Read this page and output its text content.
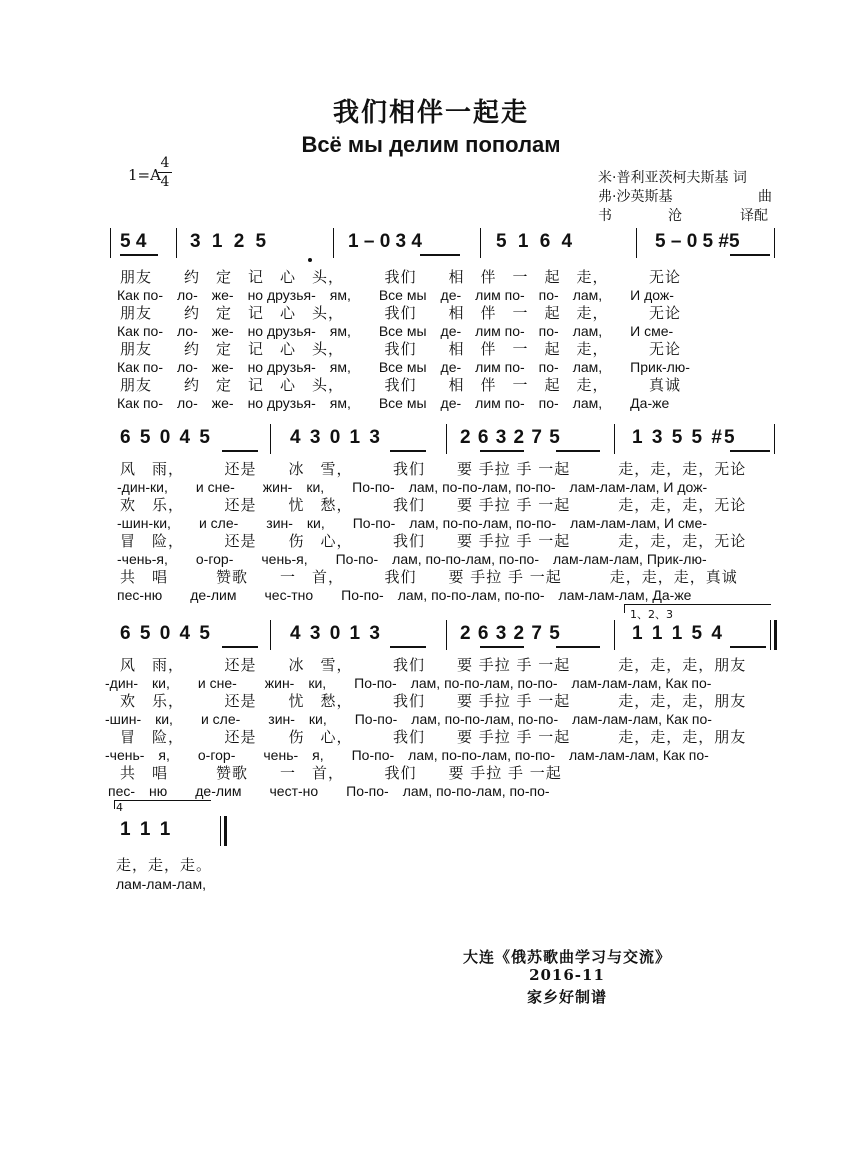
我们相伴一起走
Всё мы делим пополам
1=A
4
4	米·普利亚茨柯夫斯基 词
弗·沙英斯基	曲
书	沧	译配
5 4 3 1 2 5	1 – 0 3 4	5 1 6 4	5 – 0 5 #5
朋友　　约　定　记　心　头，　　　我们　　相　伴　一　起　走，　　　无论
Как по-　ло-　же-　но друзья-　ям,　　Все мы　де-　лим по-　по-　лам,　　И дож-
朋友　　约　定　记　心　头，　　　我们　　相　伴　一　起　走，　　　无论
Как по-　ло-　же-　но друзья-　ям,　　Все мы　де-　лим по-　по-　лам,　　И сме-
朋友　　约　定　记　心　头，　　　我们　　相　伴　一　起　走，　　　无论
Как по-　ло-　же-　но друзья-　ям,　　Все мы　де-　лим по-　по-　лам,　　Прик-лю-
朋友　　约　定　记　心　头，　　　我们　　相　伴　一　起　走，　　　真诚
Как по-　ло-　же-　но друзья-　ям,　　Все мы　де-　лим по-　по-　лам,　　Да-же
6 5 0 4 5	4 3 0 1 3	2 6 3 2 7 5	1 3 5 5 #5
风　雨，　　　还是　　冰　雪，　　　我们　　要 手拉 手 一起　　　走，走，走，无论
-дин-ки,　　и сне-　　жин-　ки,　　По-по-　лам, по-по-лам, по-по-　лам-лам-лам, И дож-
欢　乐，　　　还是　　忧　愁，　　　我们　　要 手拉 手 一起　　　走，走，走，无论
-шин-ки,　　и сле-　　зин-　ки,　　По-по-　лам, по-по-лам, по-по-　лам-лам-лам, И сме-
冒　险，　　　还是　　伤　心，　　　我们　　要 手拉 手 一起　　　走，走，走，无论
-чень-я,　　о-гор-　　чень-я,　　По-по-　лам, по-по-лам, по-по-　лам-лам-лам, Прик-лю-
共　唱　　　赞歌　　一　首，　　　我们　　要 手拉 手 一起　　　走，走，走，真诚
пес-ню　　де-лим　　чес-тно　　По-по-　лам, по-по-лам, по-по-　лам-лам-лам, Да-же
1、2、3
6 5 0 4 5	4 3 0 1 3	2 6 3 2 7 5	1 1 1 5 4
风　雨，　　　还是　　冰　雪，　　　我们　　要 手拉 手 一起　　　走，走，走，朋友
-дин-　ки,　　и сне-　　жин-　ки,　　По-по-　лам, по-по-лам, по-по-　лам-лам-лам, Как по-
欢　乐，　　　还是　　忧　愁，　　　我们　　要 手拉 手 一起　　　走，走，走，朋友
-шин-　ки,　　и сле-　　зин-　ки,　　По-по-　лам, по-по-лам, по-по-　лам-лам-лам, Как по-
冒　险，　　　还是　　伤　心，　　　我们　　要 手拉 手 一起　　　走，走，走，朋友
-чень-　я,　　о-гор-　　чень-　я,　　По-по-　лам, по-по-лам, по-по-　лам-лам-лам, Как по-
共　唱　　　赞歌　　一　首，　　　我们　　要 手拉 手 一起
пес-　ню　　де-лим　　чест-но　　По-по-　лам, по-по-лам, по-по-
4
1 1 1
走，走，走。
лам-лам-лам,
大连《俄苏歌曲学习与交流》
2016-11
家乡好制谱
